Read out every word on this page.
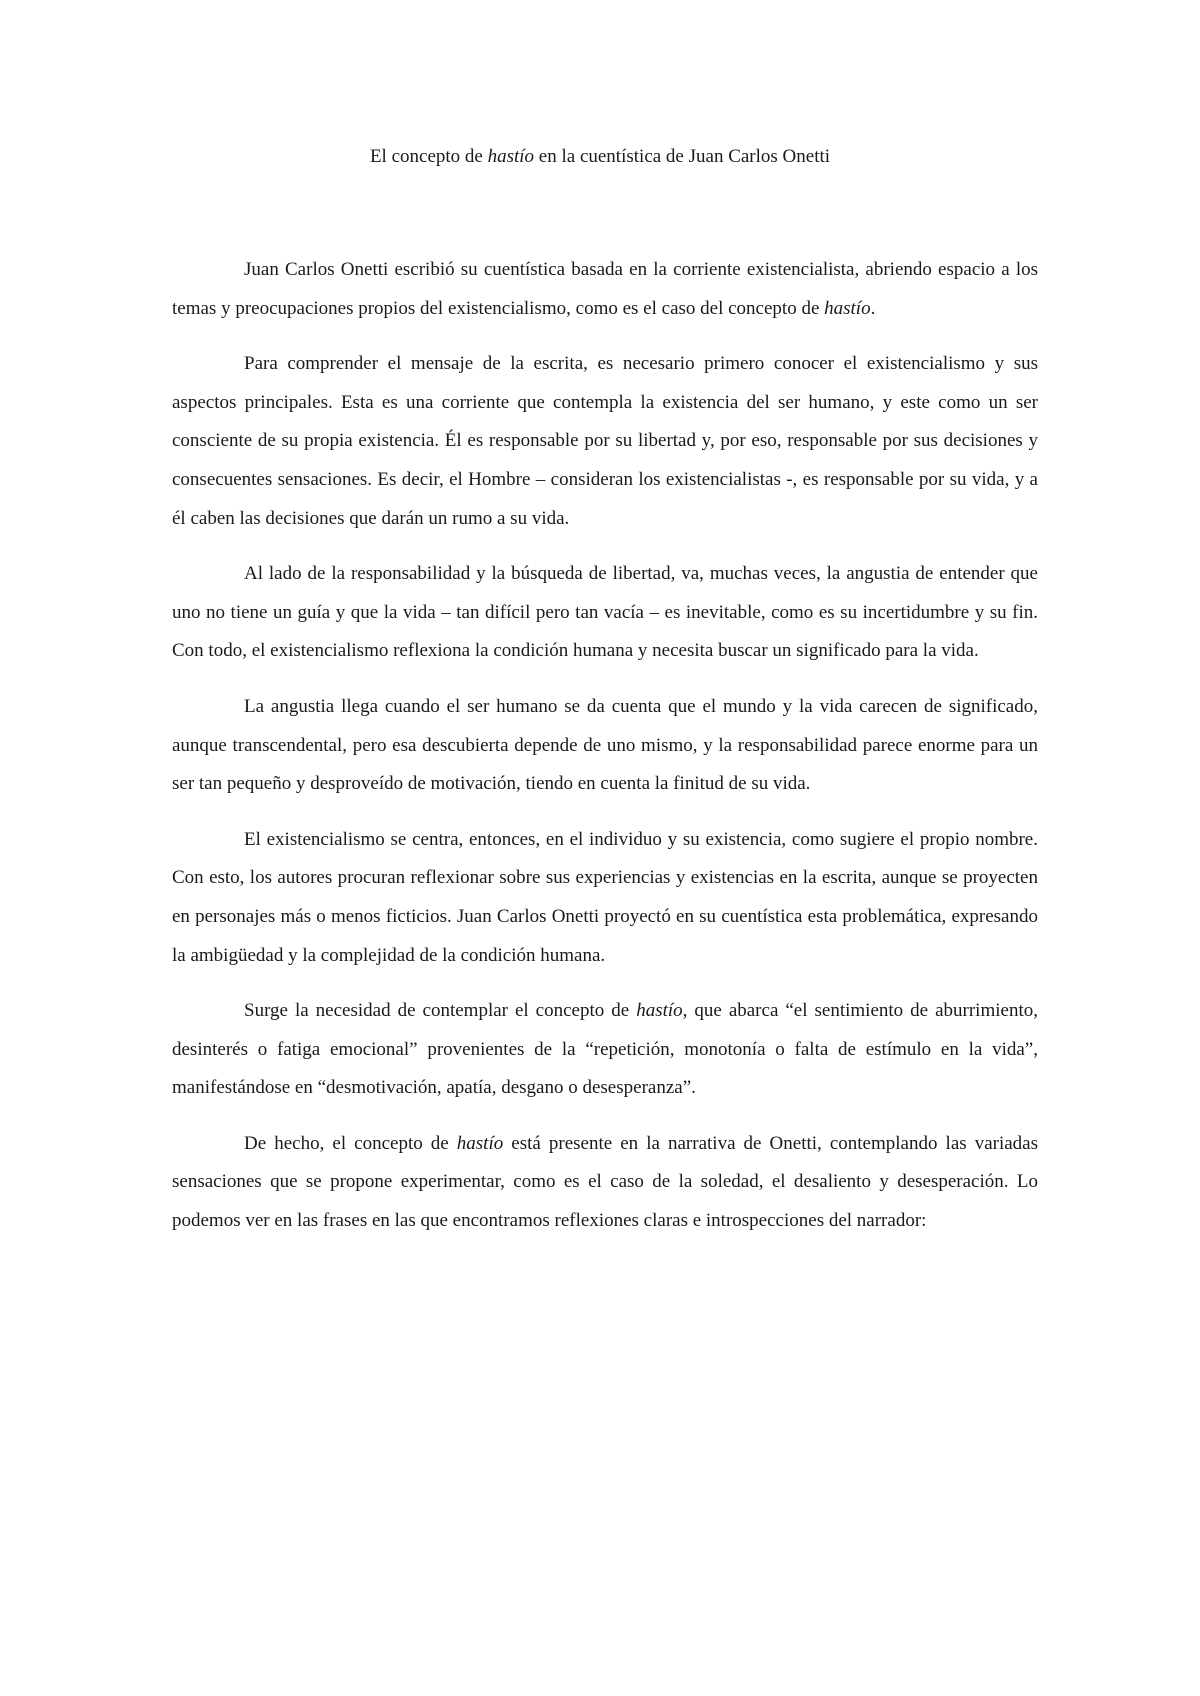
El concepto de hastío en la cuentística de Juan Carlos Onetti

Juan Carlos Onetti escribió su cuentística basada en la corriente existencialista, abriendo espacio a los temas y preocupaciones propios del existencialismo, como es el caso del concepto de hastío.

Para comprender el mensaje de la escrita, es necesario primero conocer el existencialismo y sus aspectos principales. Esta es una corriente que contempla la existencia del ser humano, y este como un ser consciente de su propia existencia. Él es responsable por su libertad y, por eso, responsable por sus decisiones y consecuentes sensaciones. Es decir, el Hombre – consideran los existencialistas -, es responsable por su vida, y a él caben las decisiones que darán un rumo a su vida.

Al lado de la responsabilidad y la búsqueda de libertad, va, muchas veces, la angustia de entender que uno no tiene un guía y que la vida – tan difícil pero tan vacía – es inevitable, como es su incertidumbre y su fin. Con todo, el existencialismo reflexiona la condición humana y necesita buscar un significado para la vida.

La angustia llega cuando el ser humano se da cuenta que el mundo y la vida carecen de significado, aunque transcendental, pero esa descubierta depende de uno mismo, y la responsabilidad parece enorme para un ser tan pequeño y desproveído de motivación, tiendo en cuenta la finitud de su vida.

El existencialismo se centra, entonces, en el individuo y su existencia, como sugiere el propio nombre. Con esto, los autores procuran reflexionar sobre sus experiencias y existencias en la escrita, aunque se proyecten en personajes más o menos ficticios. Juan Carlos Onetti proyectó en su cuentística esta problemática, expresando la ambigüedad y la complejidad de la condición humana.

Surge la necesidad de contemplar el concepto de hastío, que abarca “el sentimiento de aburrimiento, desinterés o fatiga emocional” provenientes de la “repetición, monotonía o falta de estímulo en la vida”, manifestándose en “desmotivación, apatía, desgano o desesperanza”.

De hecho, el concepto de hastío está presente en la narrativa de Onetti, contemplando las variadas sensaciones que se propone experimentar, como es el caso de la soledad, el desaliento y desesperación. Lo podemos ver en las frases en las que encontramos reflexiones claras e introspecciones del narrador:
